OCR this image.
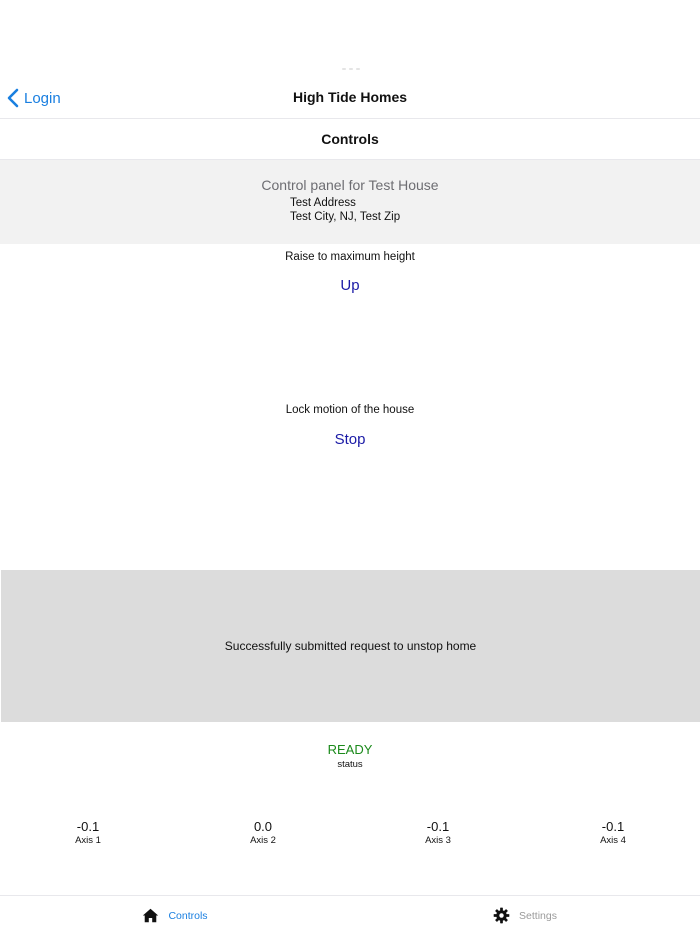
Login	High Tide Homes
Controls
Control panel for Test House
Test Address
Test City, NJ, Test Zip
Raise to maximum height
Up
Lock motion of the house
Stop
Successfully submitted request to unstop home
READY
status
-0.1
Axis 1
0.0
Axis 2
-0.1
Axis 3
-0.1
Axis 4
Controls	Settings
